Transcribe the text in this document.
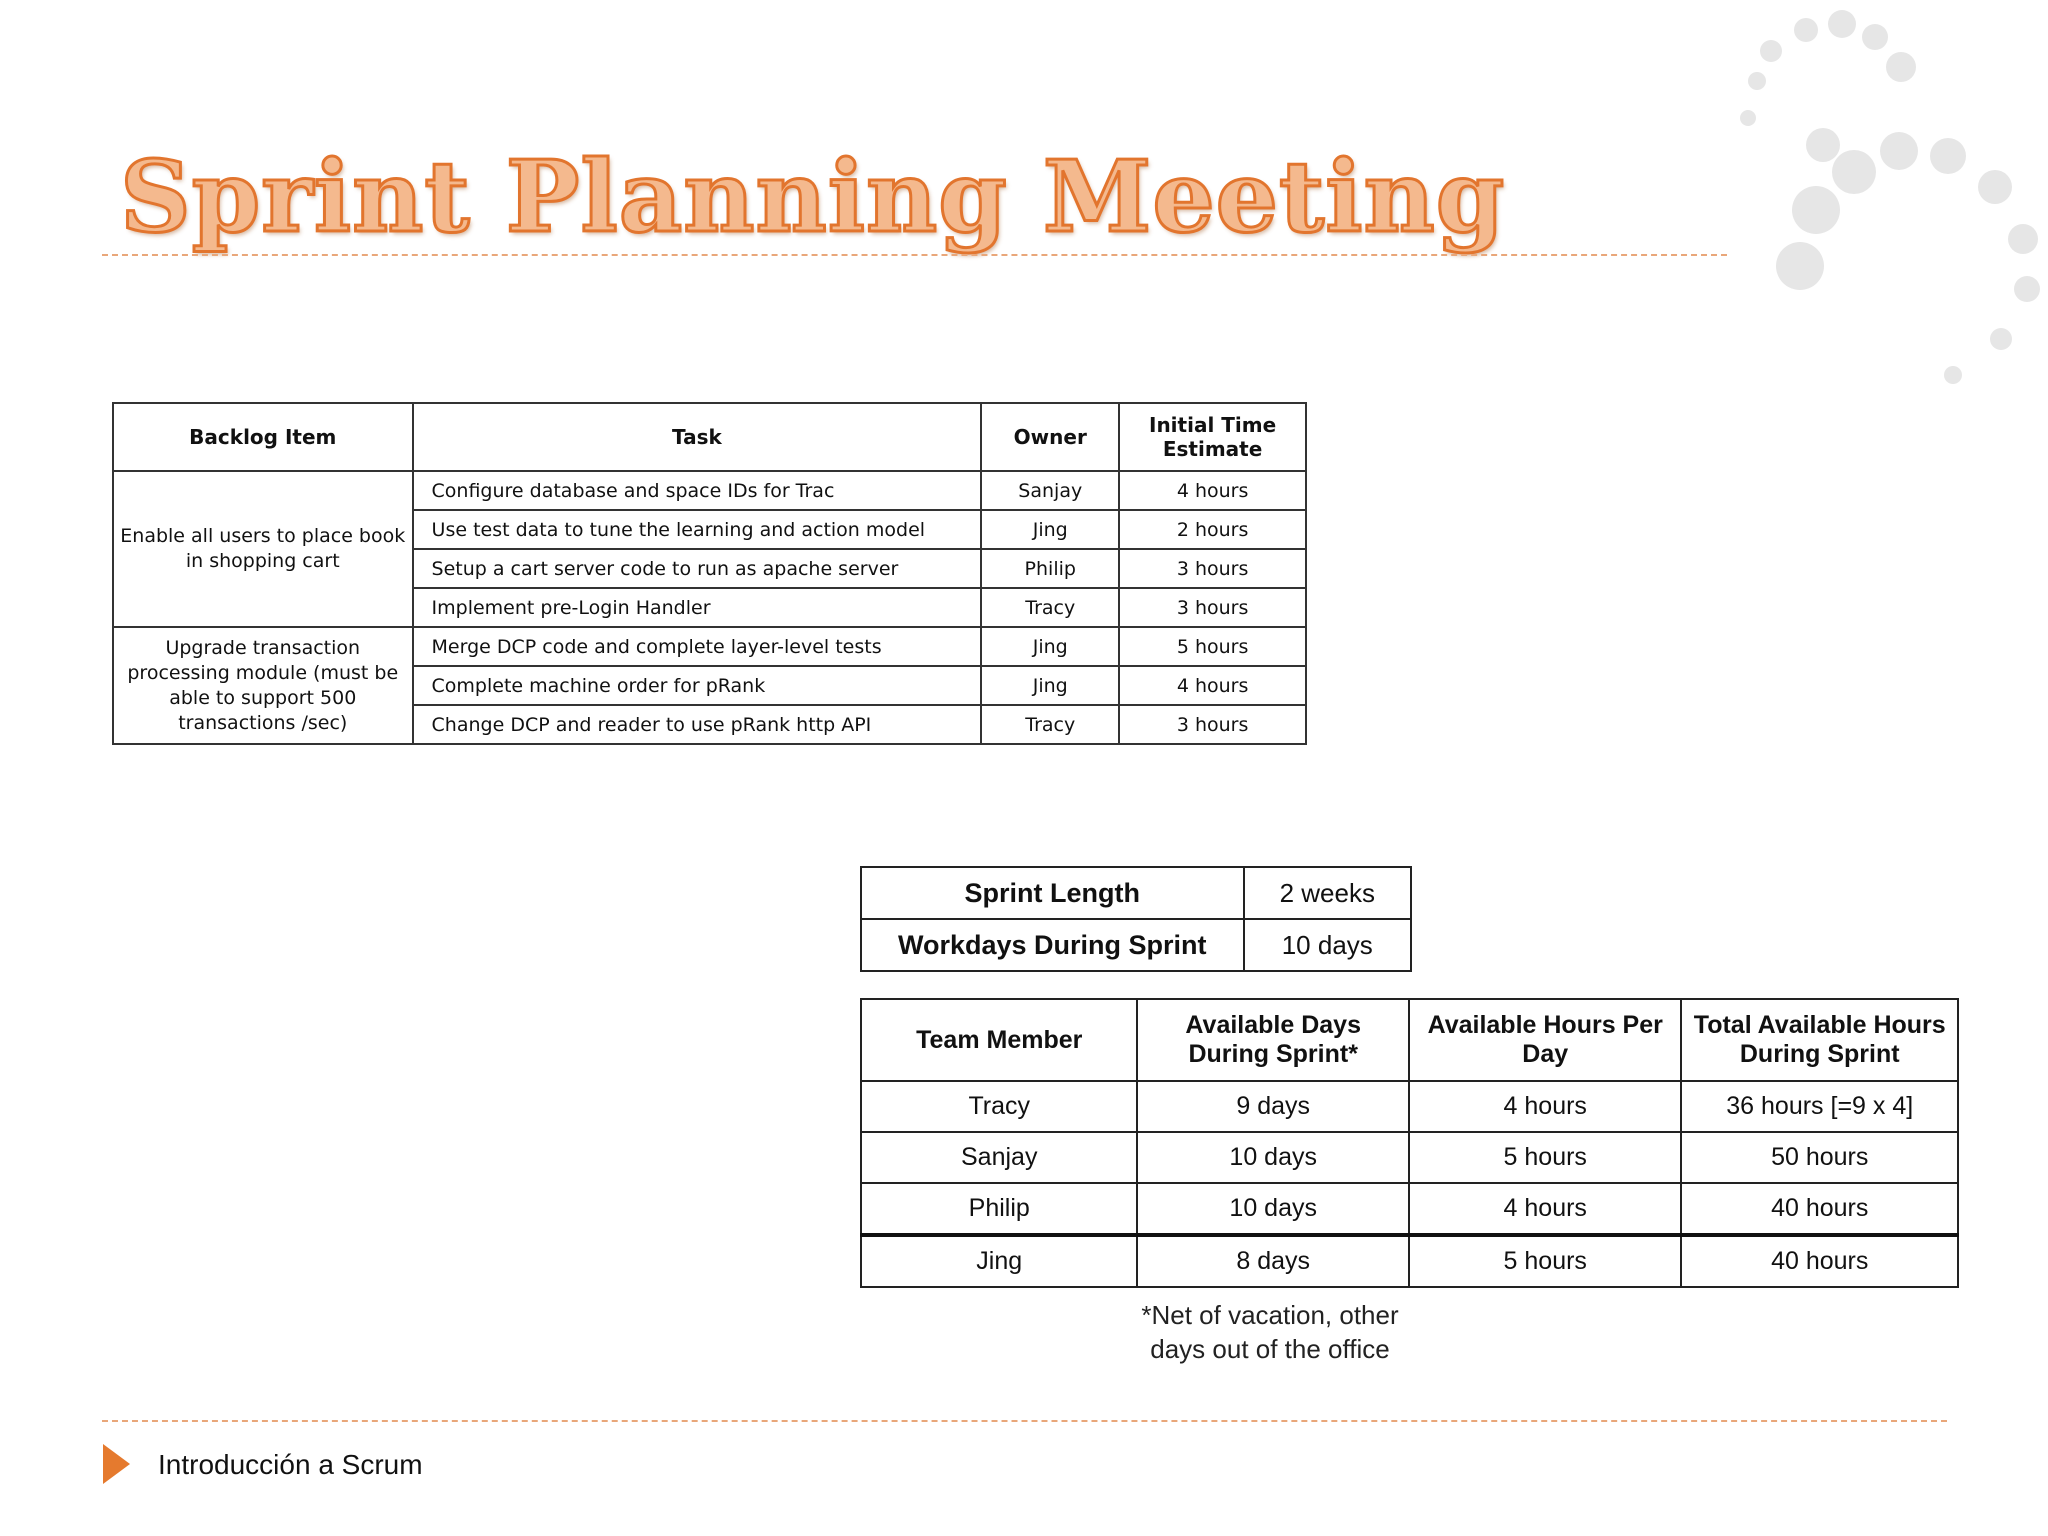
Sprint Planning Meeting
Backlog Item	Task	Owner	Initial Time Estimate
Enable all users to place book in shopping cart	Configure database and space IDs for Trac	Sanjay	4 hours
	Use test data to tune the learning and action model	Jing	2 hours
	Setup a cart server code to run as apache server	Philip	3 hours
	Implement pre-Login Handler	Tracy	3 hours
Upgrade transaction processing module (must be able to support 500 transactions /sec)	Merge DCP code and complete layer-level tests	Jing	5 hours
	Complete machine order for pRank	Jing	4 hours
	Change DCP and reader to use pRank http API	Tracy	3 hours
Sprint Length	2 weeks
Workdays During Sprint	10 days
Team Member	Available Days During Sprint*	Available Hours Per Day	Total Available Hours During Sprint
Tracy	9 days	4 hours	36 hours [=9 x 4]
Sanjay	10 days	5 hours	50 hours
Philip	10 days	4 hours	40 hours
Jing	8 days	5 hours	40 hours
*Net of vacation, other days out of the office
Introducción a Scrum
